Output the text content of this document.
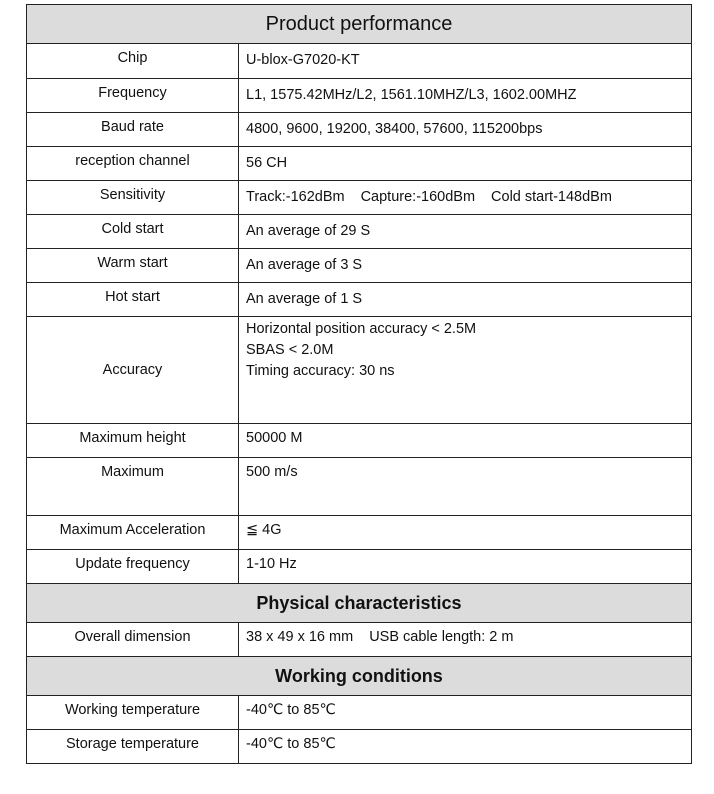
Product performance	
Chip	U-blox-G7020-KT
Frequency	L1, 1575.42MHz/L2, 1561.10MHZ/L3, 1602.00MHZ
Baud rate	4800, 9600, 19200, 38400, 57600, 115200bps
reception channel	56 CH
Sensitivity	Track:-162dBm Capture:-160dBm Cold start-148dBm
Cold start	An average of 29 S
Warm start	An average of 3 S
Hot start	An average of 1 S
Accuracy	Horizontal position accuracy < 2.5M
SBAS < 2.0M
Timing accuracy: 30 ns

Maximum height	50000 M
Maximum	500 m/s
Maximum Acceleration	≦ 4G
Update frequency	1-10 Hz
Physical characteristics	
Overall dimension	38 x 49 x 16 mm USB cable length: 2 m
Working conditions	
Working temperature	-40℃ to 85℃
Storage temperature	-40℃ to 85℃
